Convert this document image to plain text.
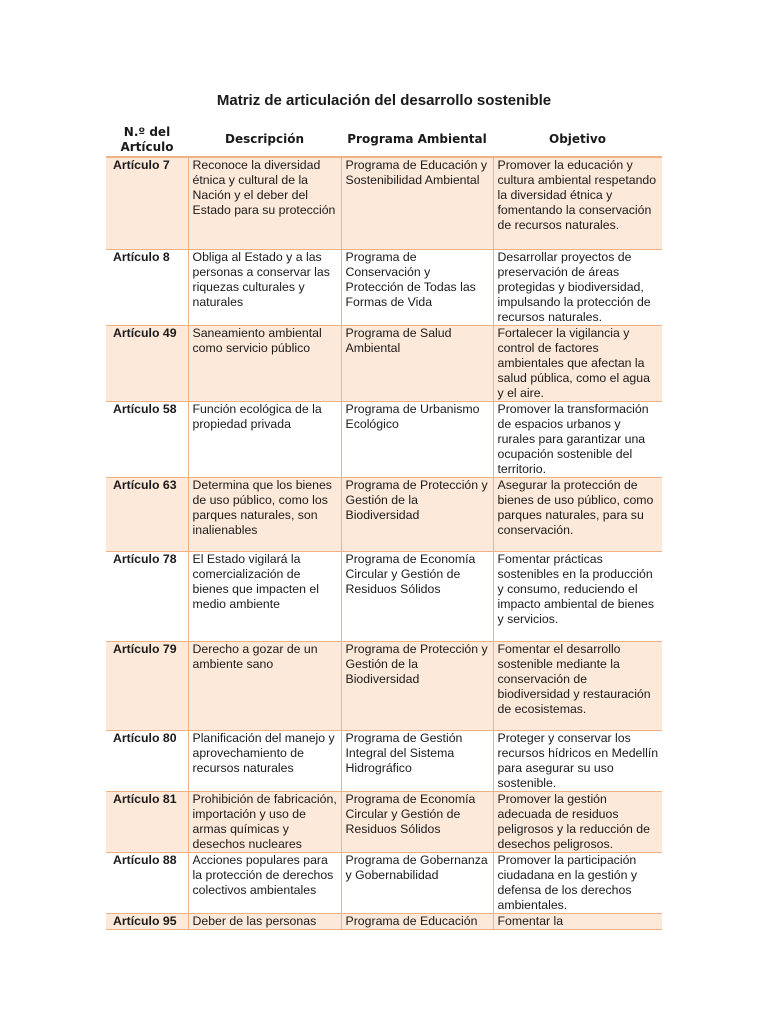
Matriz de articulación del desarrollo sostenible
N.º del Artículo	Descripción	Programa Ambiental	Objetivo
Artículo 7	Reconoce la diversidad étnica y cultural de la Nación y el deber del Estado para su protección	Programa de Educación y Sostenibilidad Ambiental	Promover la educación y cultura ambiental respetando la diversidad étnica y fomentando la conservación de recursos naturales.
Artículo 8	Obliga al Estado y a las personas a conservar las riquezas culturales y naturales	Programa de Conservación y Protección de Todas las Formas de Vida	Desarrollar proyectos de preservación de áreas protegidas y biodiversidad, impulsando la protección de recursos naturales.
Artículo 49	Saneamiento ambiental como servicio público	Programa de Salud Ambiental	Fortalecer la vigilancia y control de factores ambientales que afectan la salud pública, como el agua y el aire.
Artículo 58	Función ecológica de la propiedad privada	Programa de Urbanismo Ecológico	Promover la transformación de espacios urbanos y rurales para garantizar una ocupación sostenible del territorio.
Artículo 63	Determina que los bienes de uso público, como los parques naturales, son inalienables	Programa de Protección y Gestión de la Biodiversidad	Asegurar la protección de bienes de uso público, como parques naturales, para su conservación.
Artículo 78	El Estado vigilará la comercialización de bienes que impacten el medio ambiente	Programa de Economía Circular y Gestión de Residuos Sólidos	Fomentar prácticas sostenibles en la producción y consumo, reduciendo el impacto ambiental de bienes y servicios.
Artículo 79	Derecho a gozar de un ambiente sano	Programa de Protección y Gestión de la Biodiversidad	Fomentar el desarrollo sostenible mediante la conservación de biodiversidad y restauración de ecosistemas.
Artículo 80	Planificación del manejo y aprovechamiento de recursos naturales	Programa de Gestión Integral del Sistema Hidrográfico	Proteger y conservar los recursos hídricos en Medellín para asegurar su uso sostenible.
Artículo 81	Prohibición de fabricación, importación y uso de armas químicas y desechos nucleares	Programa de Economía Circular y Gestión de Residuos Sólidos	Promover la gestión adecuada de residuos peligrosos y la reducción de desechos peligrosos.
Artículo 88	Acciones populares para la protección de derechos colectivos ambientales	Programa de Gobernanza y Gobernabilidad	Promover la participación ciudadana en la gestión y defensa de los derechos ambientales.
Artículo 95	Deber de las personas	Programa de Educación	Fomentar la
